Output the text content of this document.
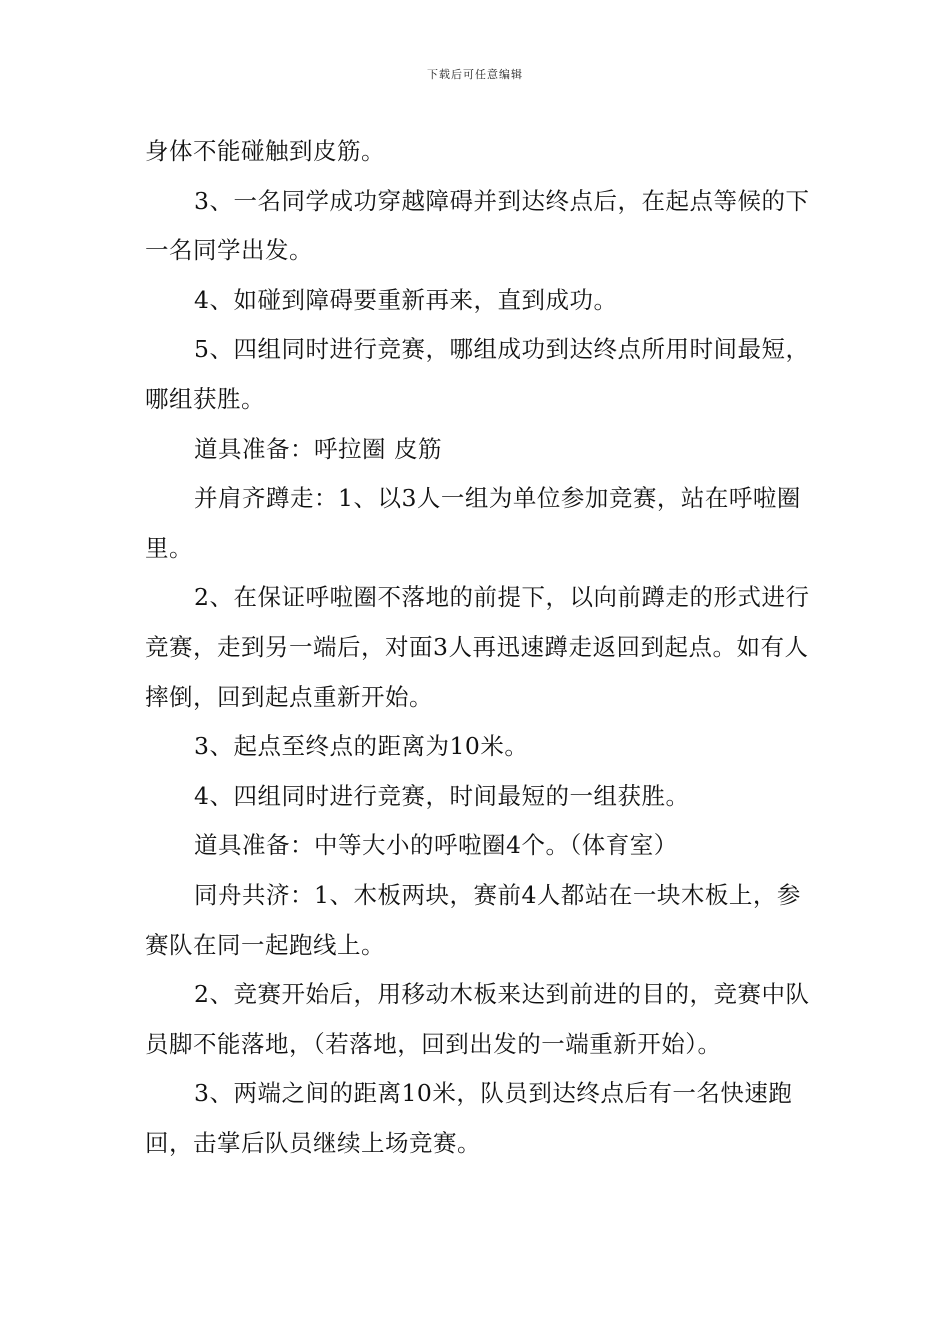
下载后可任意编辑

身体不能碰触到皮筋。

3、一名同学成功穿越障碍并到达终点后，在起点等候的下一名同学出发。

4、如碰到障碍要重新再来，直到成功。

5、四组同时进行竞赛，哪组成功到达终点所用时间最短，哪组获胜。

道具准备：呼拉圈 皮筋

并肩齐蹲走：1、以3人一组为单位参加竞赛，站在呼啦圈里。

2、在保证呼啦圈不落地的前提下，以向前蹲走的形式进行竞赛，走到另一端后，对面3人再迅速蹲走返回到起点。如有人摔倒，回到起点重新开始。

3、起点至终点的距离为10米。

4、四组同时进行竞赛，时间最短的一组获胜。

道具准备：中等大小的呼啦圈4个。（体育室）

同舟共济：1、木板两块，赛前4人都站在一块木板上，参赛队在同一起跑线上。

2、竞赛开始后，用移动木板来达到前进的目的，竞赛中队员脚不能落地，（若落地，回到出发的一端重新开始）。

3、两端之间的距离10米，队员到达终点后有一名快速跑回，击掌后队员继续上场竞赛。
